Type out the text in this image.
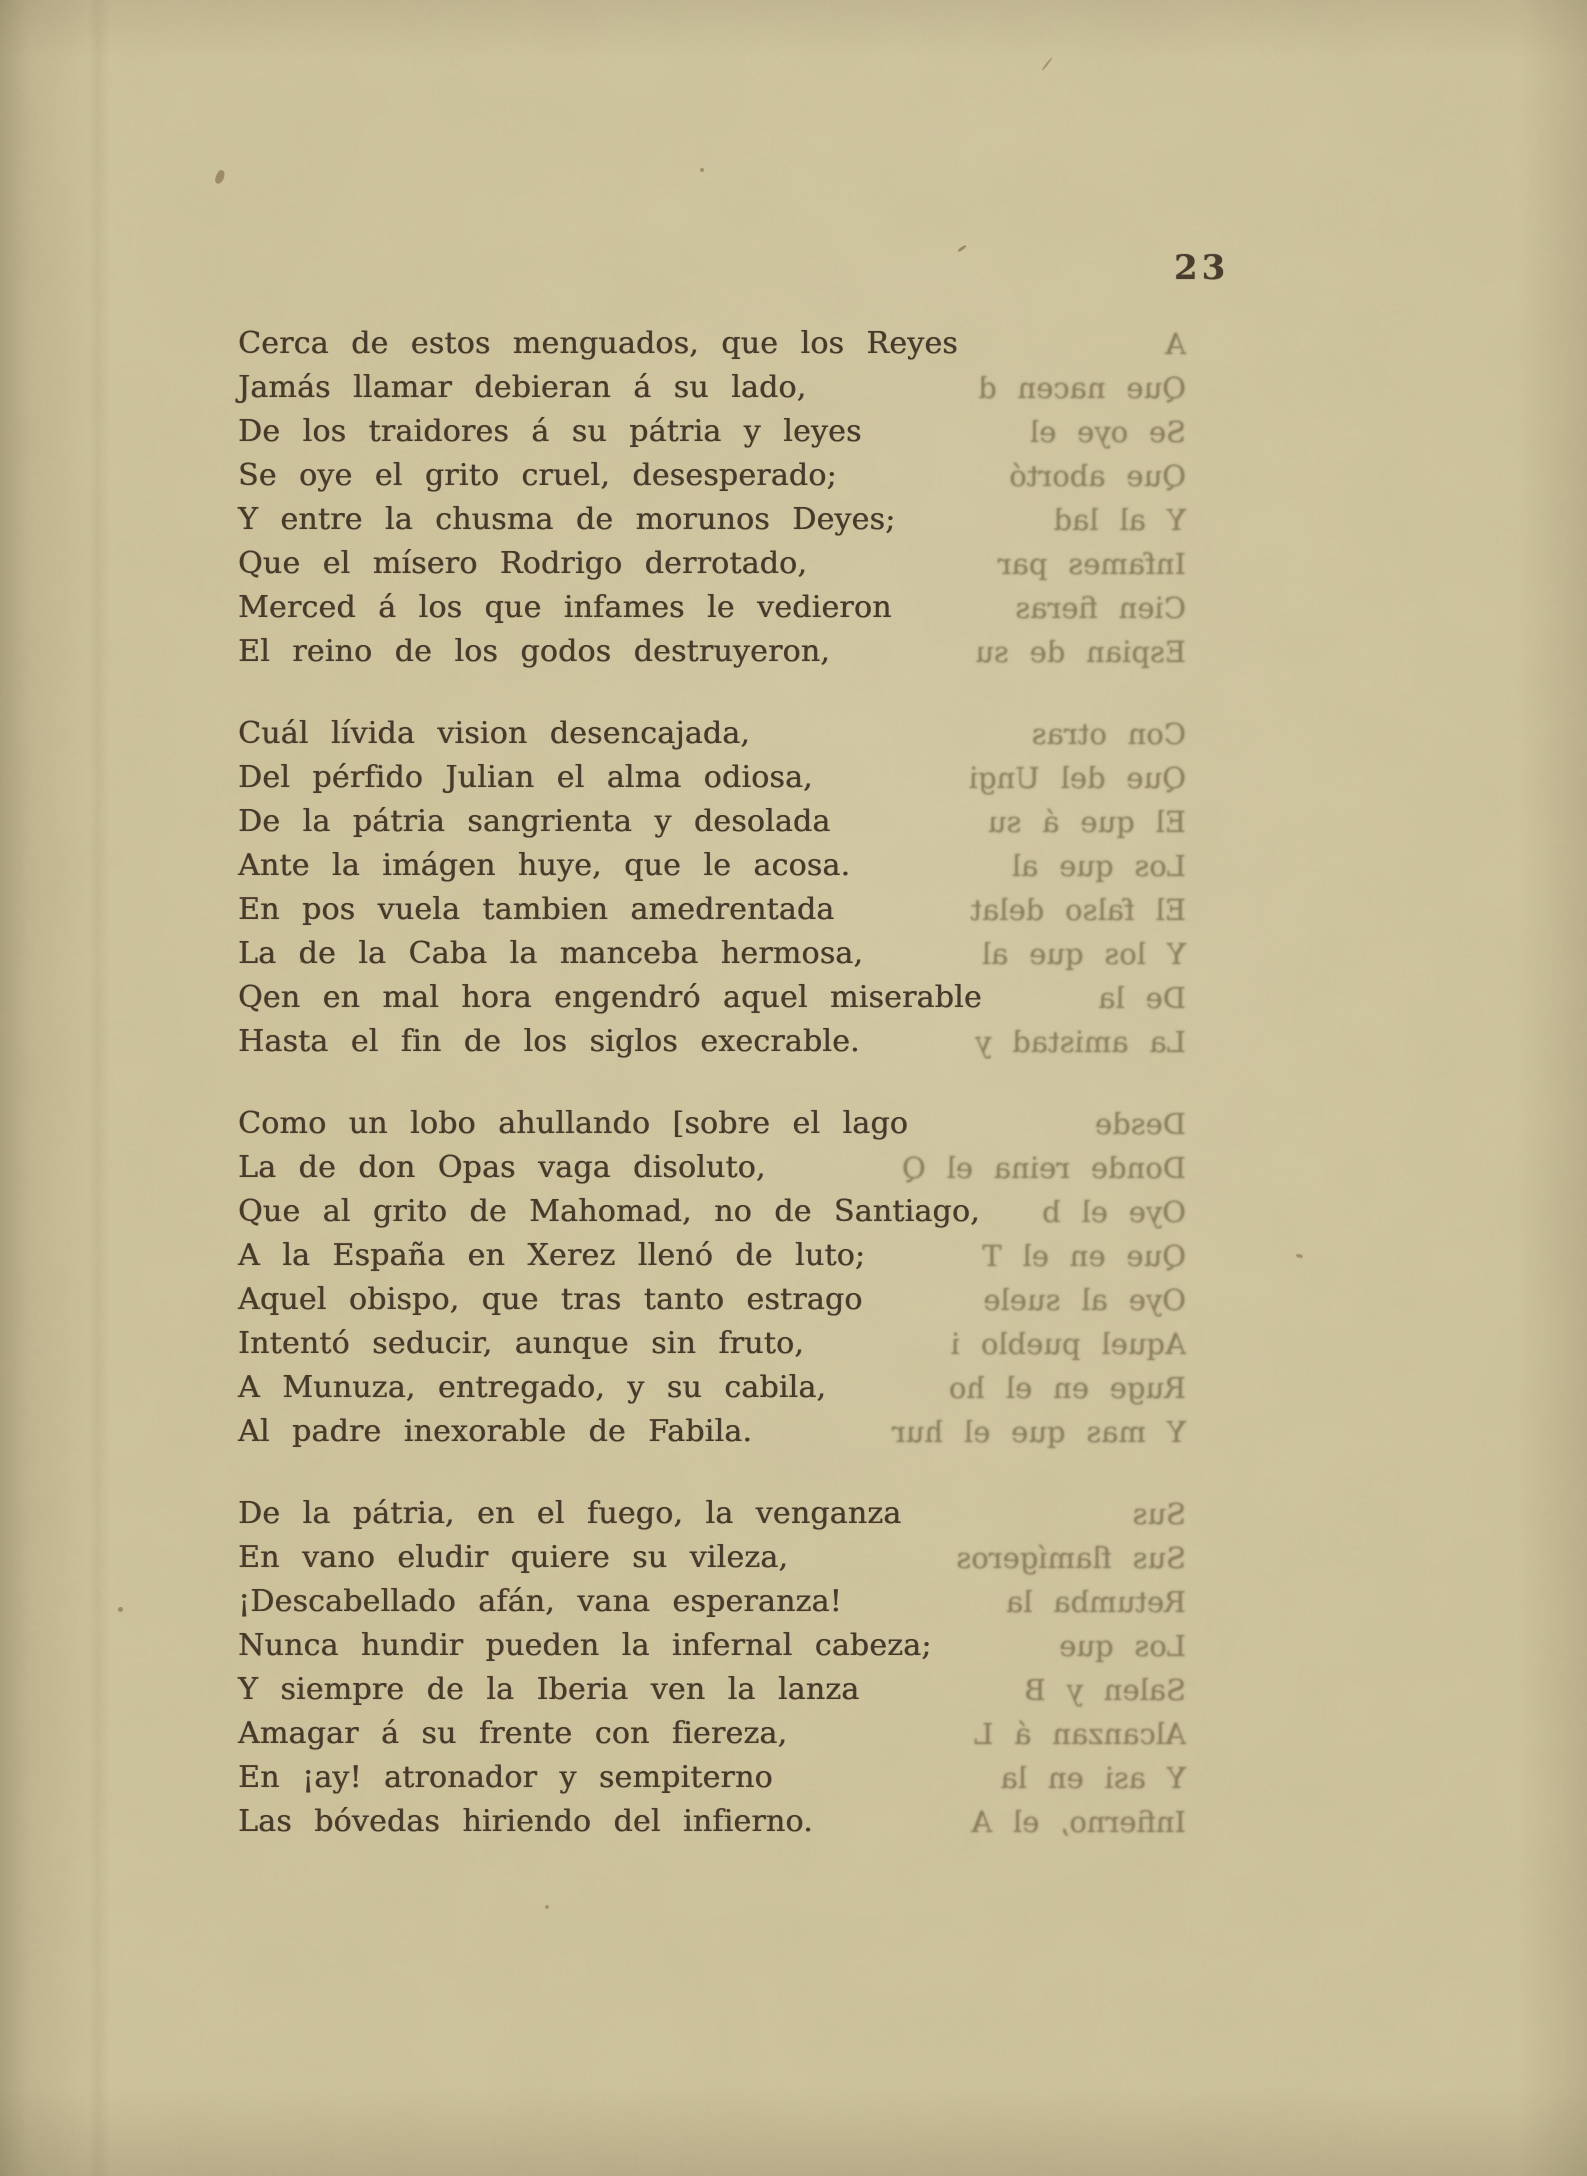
23
A
Que nacen d
Se oye el
Que abortó
Y al lad
Infames par
Cien fieras
Espian de su
Cerca de estos menguados, que los Reyes
Jamás llamar debieran á su lado,
De los traidores á su pátria y leyes
Se oye el grito cruel, desesperado;
Y entre la chusma de morunos Deyes;
Que el mísero Rodrigo derrotado,
Merced á los que infames le vedieron
El reino de los godos destruyeron,
Con otras
Que del Ungi
El que á su
Los que al
El falso delat
Y los que al
De la
La amistad y
Cuál lívida vision desencajada,
Del pérfido Julian el alma odiosa,
De la pátria sangrienta y desolada
Ante la imágen huye, que le acosa.
En pos vuela tambien amedrentada
La de la Caba la manceba hermosa,
Qen en mal hora engendró aquel miserable
Hasta el fin de los siglos execrable.
Desde
Donde reina el Q
Oye el b
Que en el T
Oye al suele
Aquel pueblo i
Ruge en el ho
Y mas que el hur
Como un lobo ahullando [sobre el lago
La de don Opas vaga disoluto,
Que al grito de Mahomad, no de Santiago,
A la España en Xerez llenó de luto;
Aquel obispo, que tras tanto estrago
Intentó seducir, aunque sin fruto,
A Munuza, entregado, y su cabila,
Al padre inexorable de Fabila.
Sus
Sus flamígeros
Retumba la
Los que
Salen y B
Alcanzan á L
Y asi en la
Infierno, el A
De la pátria, en el fuego, la venganza
En vano eludir quiere su vileza,
¡Descabellado afán, vana esperanza!
Nunca hundir pueden la infernal cabeza;
Y siempre de la Iberia ven la lanza
Amagar á su frente con fiereza,
En ¡ay! atronador y sempiterno
Las bóvedas hiriendo del infierno.
